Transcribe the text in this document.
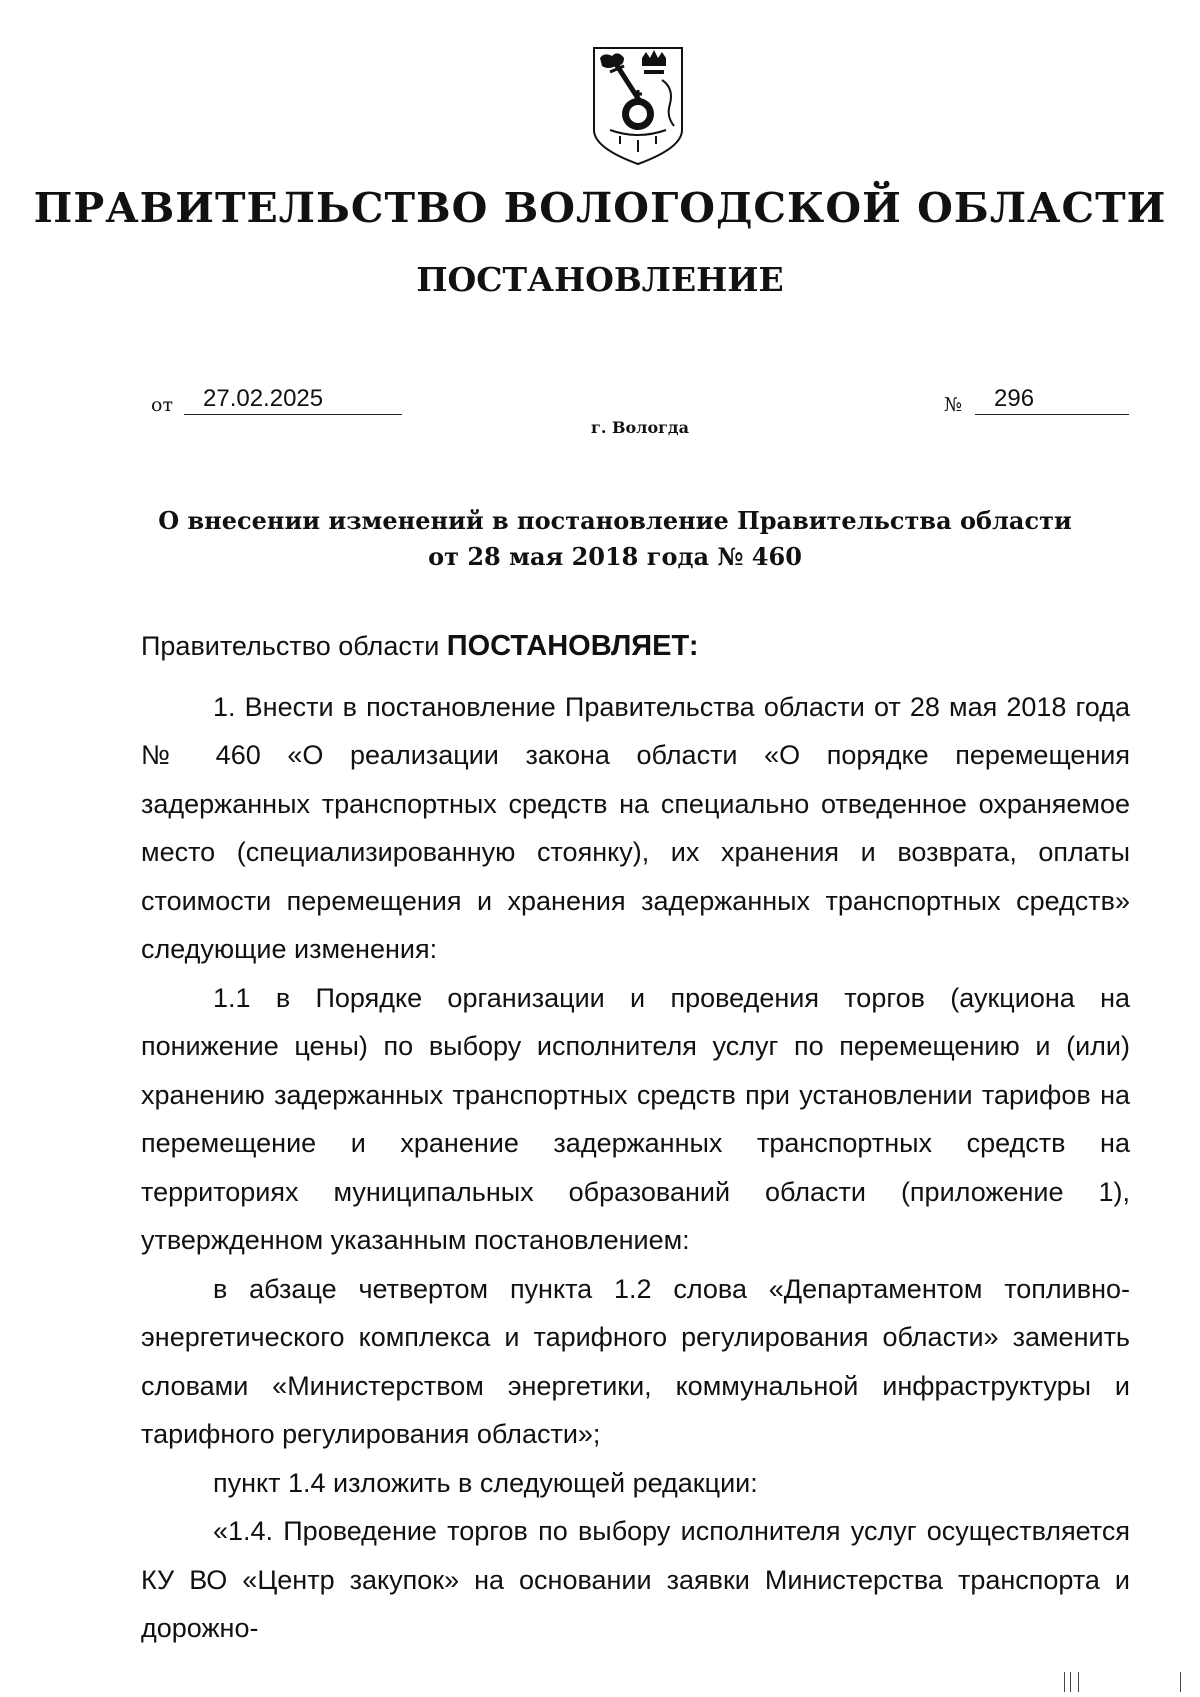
ПРАВИТЕЛЬСТВО ВОЛОГОДСКОЙ ОБЛАСТИ
ПОСТАНОВЛЕНИЕ
от 27.02.2025	№ 296
г. Вологда
О внесении изменений в постановление Правительства области
от 28 мая 2018 года № 460

Правительство области ПОСТАНОВЛЯЕТ:

1. Внести в постановление Правительства области от 28 мая 2018 года № 460 «О реализации закона области «О порядке перемещения задержанных транспортных средств на специально отведенное охраняемое место (специализированную стоянку), их хранения и возврата, оплаты стоимости перемещения и хранения задержанных транспортных средств» следующие изменения:

1.1 в Порядке организации и проведения торгов (аукциона на понижение цены) по выбору исполнителя услуг по перемещению и (или) хранению задержанных транспортных средств при установлении тарифов на перемещение и хранение задержанных транспортных средств на территориях муниципальных образований области (приложение 1), утвержденном указанным постановлением:

в абзаце четвертом пункта 1.2 слова «Департаментом топливно-энергетического комплекса и тарифного регулирования области» заменить словами «Министерством энергетики, коммунальной инфраструктуры и тарифного регулирования области»;

пункт 1.4 изложить в следующей редакции:

«1.4. Проведение торгов по выбору исполнителя услуг осуществляется КУ ВО «Центр закупок» на основании заявки Министерства транспорта и дорожно-
